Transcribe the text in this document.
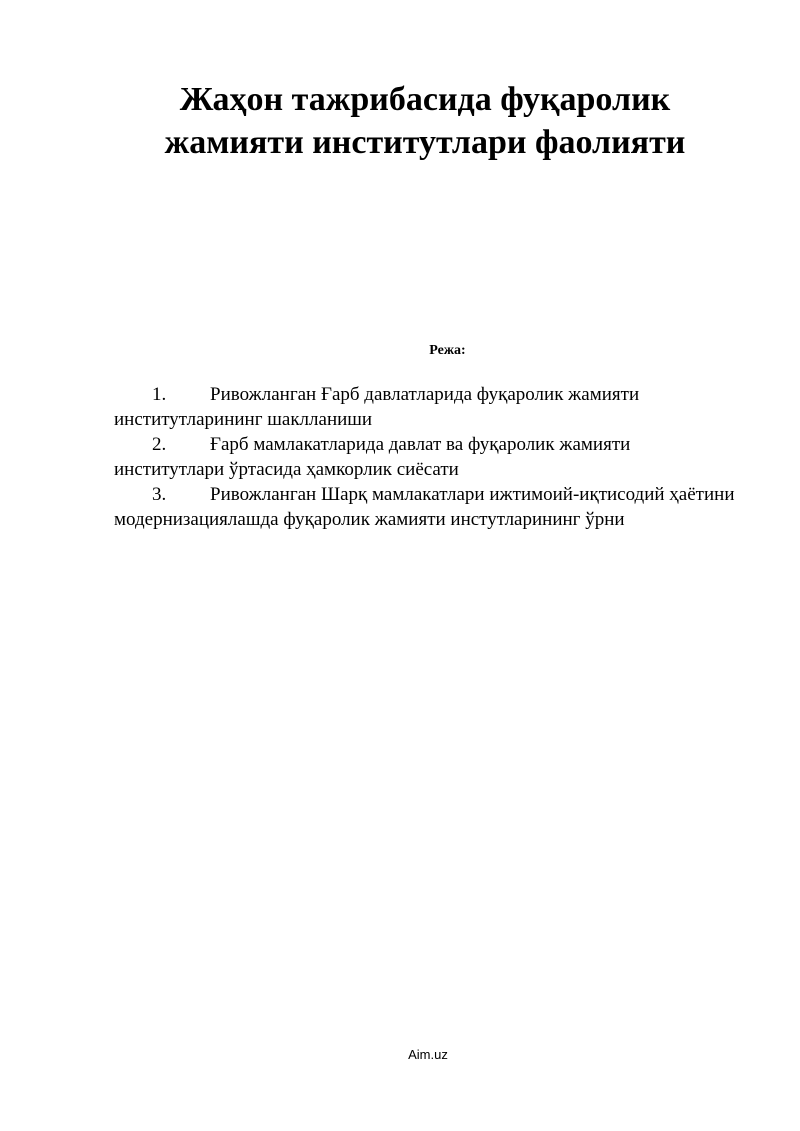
Жаҳон тажрибасида фуқаролик
жамияти институтлари фаолияти
Режа:
1. Ривожланган Ғарб давлатларида фуқаролик жамияти институтларининг шаклланиши
2. Ғарб мамлакатларида давлат ва фуқаролик жамияти институтлари ўртасида ҳамкорлик сиёсати
3. Ривожланган Шарқ мамлакатлари ижтимоий-иқтисодий ҳаётини модернизациялашда фуқаролик жамияти инстутларининг ўрни
Aim.uz
